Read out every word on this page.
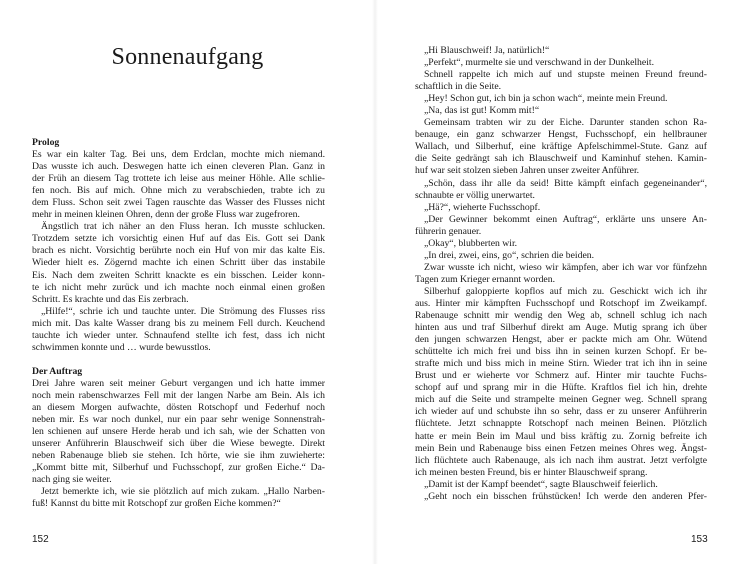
Sonnenaufgang
Prolog
Es war ein kalter Tag. Bei uns, dem Erdclan, mochte mich niemand.
Das wusste ich auch. Deswegen hatte ich einen cleveren Plan. Ganz in
der Früh an diesem Tag trottete ich leise aus meiner Höhle. Alle schlie-
fen noch. Bis auf mich. Ohne mich zu verabschieden, trabte ich zu
dem Fluss. Schon seit zwei Tagen rauschte das Wasser des Flusses nicht
mehr in meinen kleinen Ohren, denn der große Fluss war zugefroren.
Ängstlich trat ich näher an den Fluss heran. Ich musste schlucken.
Trotzdem setzte ich vorsichtig einen Huf auf das Eis. Gott sei Dank
brach es nicht. Vorsichtig berührte noch ein Huf von mir das kalte Eis.
Wieder hielt es. Zögernd machte ich einen Schritt über das instabile
Eis. Nach dem zweiten Schritt knackte es ein bisschen. Leider konn-
te ich nicht mehr zurück und ich machte noch einmal einen großen
Schritt. Es krachte und das Eis zerbrach.
„Hilfe!“, schrie ich und tauchte unter. Die Strömung des Flusses riss
mich mit. Das kalte Wasser drang bis zu meinem Fell durch. Keuchend
tauchte ich wieder unter. Schnaufend stellte ich fest, dass ich nicht
schwimmen konnte und … wurde bewusstlos.
Der Auftrag
Drei Jahre waren seit meiner Geburt vergangen und ich hatte immer
noch mein rabenschwarzes Fell mit der langen Narbe am Bein. Als ich
an diesem Morgen aufwachte, dösten Rotschopf und Federhuf noch
neben mir. Es war noch dunkel, nur ein paar sehr wenige Sonnenstrah-
len schienen auf unsere Herde herab und ich sah, wie der Schatten von
unserer Anführerin Blauschweif sich über die Wiese bewegte. Direkt
neben Rabenauge blieb sie stehen. Ich hörte, wie sie ihm zuwieherte:
„Kommt bitte mit, Silberhuf und Fuchsschopf, zur großen Eiche.“ Da-
nach ging sie weiter.
Jetzt bemerkte ich, wie sie plötzlich auf mich zukam. „Hallo Narben-
fuß! Kannst du bitte mit Rotschopf zur großen Eiche kommen?“
152
„Hi Blauschweif! Ja, natürlich!“
„Perfekt“, murmelte sie und verschwand in der Dunkelheit.
Schnell rappelte ich mich auf und stupste meinen Freund freund-
schaftlich in die Seite.
„Hey! Schon gut, ich bin ja schon wach“, meinte mein Freund.
„Na, das ist gut! Komm mit!“
Gemeinsam trabten wir zu der Eiche. Darunter standen schon Ra-
benauge, ein ganz schwarzer Hengst, Fuchsschopf, ein hellbrauner
Wallach, und Silberhuf, eine kräftige Apfelschimmel-Stute. Ganz auf
die Seite gedrängt sah ich Blauschweif und Kaminhuf stehen. Kamin-
huf war seit stolzen sieben Jahren unser zweiter Anführer.
„Schön, dass ihr alle da seid! Bitte kämpft einfach gegeneinander“,
schnaubte er völlig unerwartet.
„Hä?“, wieherte Fuchsschopf.
„Der Gewinner bekommt einen Auftrag“, erklärte uns unsere An-
führerin genauer.
„Okay“, blubberten wir.
„In drei, zwei, eins, go“, schrien die beiden.
Zwar wusste ich nicht, wieso wir kämpfen, aber ich war vor fünfzehn
Tagen zum Krieger ernannt worden.
Silberhuf galoppierte kopflos auf mich zu. Geschickt wich ich ihr
aus. Hinter mir kämpften Fuchsschopf und Rotschopf im Zweikampf.
Rabenauge schnitt mir wendig den Weg ab, schnell schlug ich nach
hinten aus und traf Silberhuf direkt am Auge. Mutig sprang ich über
den jungen schwarzen Hengst, aber er packte mich am Ohr. Wütend
schüttelte ich mich frei und biss ihn in seinen kurzen Schopf. Er be-
straftе mich und biss mich in meine Stirn. Wieder trat ich ihn in seine
Brust und er wieherte vor Schmerz auf. Hinter mir tauchte Fuchs-
schopf auf und sprang mir in die Hüfte. Kraftlos fiel ich hin, drehte
mich auf die Seite und strampelte meinen Gegner weg. Schnell sprang
ich wieder auf und schubste ihn so sehr, dass er zu unserer Anführerin
flüchtete. Jetzt schnappte Rotschopf nach meinen Beinen. Plötzlich
hatte er mein Bein im Maul und biss kräftig zu. Zornig befreite ich
mein Bein und Rabenauge biss einen Fetzen meines Ohres weg. Ängst-
lich flüchtete auch Rabenauge, als ich nach ihm austrat. Jetzt verfolgte
ich meinen besten Freund, bis er hinter Blauschweif sprang.
„Damit ist der Kampf beendet“, sagte Blauschweif feierlich.
„Geht noch ein bisschen frühstücken! Ich werde den anderen Pfer-
153
